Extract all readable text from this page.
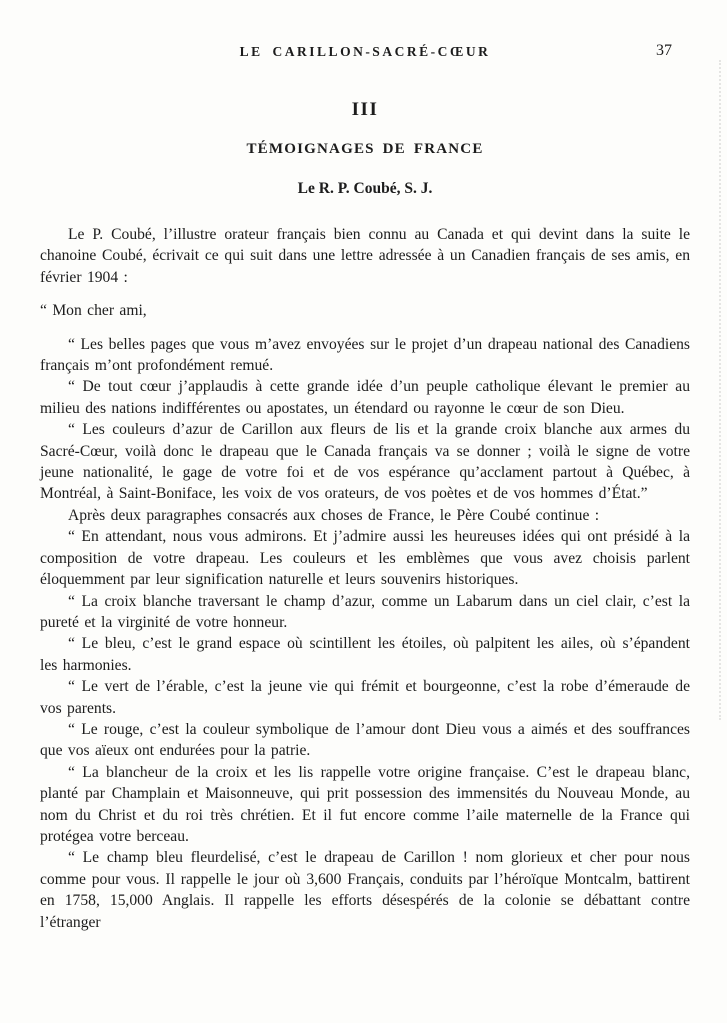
LE CARILLON-SACRÉ-CŒUR	37
III
TÉMOIGNAGES DE FRANCE
Le R. P. Coubé, S. J.

Le P. Coubé, l’illustre orateur français bien connu au Canada et qui devint dans la suite le chanoine Coubé, écrivait ce qui suit dans une lettre adressée à un Canadien français de ses amis, en février 1904 :

“ Mon cher ami,

“ Les belles pages que vous m’avez envoyées sur le projet d’un drapeau national des Canadiens français m’ont profondément remué.

“ De tout cœur j’applaudis à cette grande idée d’un peuple catholique élevant le premier au milieu des nations indifférentes ou apostates, un étendard ou rayonne le cœur de son Dieu.

“ Les couleurs d’azur de Carillon aux fleurs de lis et la grande croix blanche aux armes du Sacré-Cœur, voilà donc le drapeau que le Canada français va se donner ; voilà le signe de votre jeune nationalité, le gage de votre foi et de vos espérance qu’acclament partout à Québec, à Montréal, à Saint-Boniface, les voix de vos orateurs, de vos poètes et de vos hommes d’État.”

Après deux paragraphes consacrés aux choses de France, le Père Coubé continue :

“ En attendant, nous vous admirons. Et j’admire aussi les heureuses idées qui ont présidé à la composition de votre drapeau. Les couleurs et les emblèmes que vous avez choisis parlent éloquemment par leur signification naturelle et leurs souvenirs historiques.

“ La croix blanche traversant le champ d’azur, comme un Labarum dans un ciel clair, c’est la pureté et la virginité de votre honneur.

“ Le bleu, c’est le grand espace où scintillent les étoiles, où palpitent les ailes, où s’épandent les harmonies.

“ Le vert de l’érable, c’est la jeune vie qui frémit et bourgeonne, c’est la robe d’émeraude de vos parents.

“ Le rouge, c’est la couleur symbolique de l’amour dont Dieu vous a aimés et des souffrances que vos aïeux ont endurées pour la patrie.

“ La blancheur de la croix et les lis rappelle votre origine française. C’est le drapeau blanc, planté par Champlain et Maisonneuve, qui prit possession des immensités du Nouveau Monde, au nom du Christ et du roi très chrétien. Et il fut encore comme l’aile maternelle de la France qui protégea votre berceau.

“ Le champ bleu fleurdelisé, c’est le drapeau de Carillon ! nom glorieux et cher pour nous comme pour vous. Il rappelle le jour où 3,600 Français, conduits par l’héroïque Montcalm, battirent en 1758, 15,000 Anglais. Il rappelle les efforts désespérés de la colonie se débattant contre l’étranger
